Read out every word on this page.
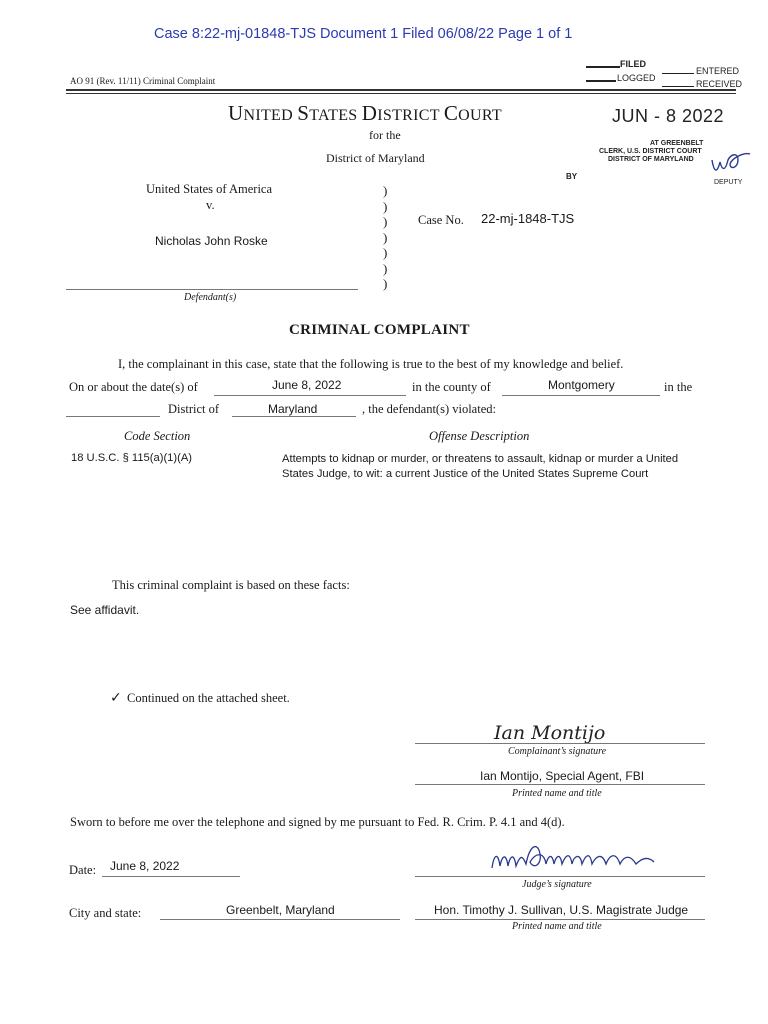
Case 8:22-mj-01848-TJS Document 1 Filed 06/08/22 Page 1 of 1
AO 91 (Rev. 11/11) Criminal Complaint
FILED
ENTERED
LOGGED
RECEIVED
JUN - 8 2022
AT GREENBELT
CLERK, U.S. DISTRICT COURT
DISTRICT OF MARYLAND
BY
DEPUTY
UNITED STATES DISTRICT COURT
for the
District of Maryland
United States of America
v.
Nicholas John Roske
Defendant(s)
)
)
)
)
)
)
)
Case No. 22-mj-1848-TJS
CRIMINAL COMPLAINT
I, the complainant in this case, state that the following is true to the best of my knowledge and belief.
On or about the date(s) of	June 8, 2022	in the county of	Montgomery	in the
District of	Maryland	, the defendant(s) violated:
Code Section	Offense Description
18 U.S.C. § 115(a)(1)(A)	Attempts to kidnap or murder, or threatens to assault, kidnap or murder a United States Judge, to wit: a current Justice of the United States Supreme Court
This criminal complaint is based on these facts:
See affidavit.
✓ Continued on the attached sheet.
Ian Montijo
Complainant’s signature
Ian Montijo, Special Agent, FBI
Printed name and title
Sworn to before me over the telephone and signed by me pursuant to Fed. R. Crim. P. 4.1 and 4(d).
Date: June 8, 2022
Judge’s signature
City and state:	Greenbelt, Maryland	Hon. Timothy J. Sullivan, U.S. Magistrate Judge
Printed name and title
